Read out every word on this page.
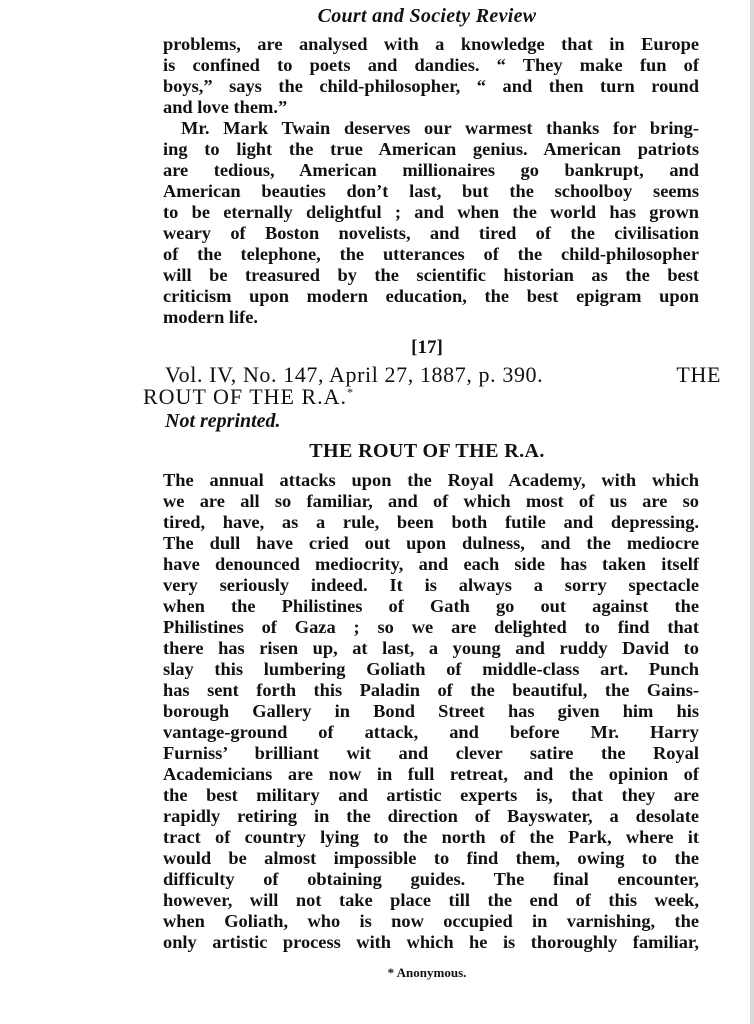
Court and Society Review
problems, are analysed with a knowledge that in Europe
is confined to poets and dandies. “ They make fun of
boys,” says the child-philosopher, “ and then turn round
and love them.”
Mr. Mark Twain deserves our warmest thanks for bring-
ing to light the true American genius. American patriots
are tedious, American millionaires go bankrupt, and
American beauties don’t last, but the schoolboy seems
to be eternally delightful ; and when the world has grown
weary of Boston novelists, and tired of the civilisation
of the telephone, the utterances of the child-philosopher
will be treasured by the scientific historian as the best
criticism upon modern education, the best epigram upon
modern life.
[17]
Vol. IV, No. 147, April 27, 1887, p. 390.	THE
ROUT OF THE R.A.*
Not reprinted.
THE ROUT OF THE R.A.
The annual attacks upon the Royal Academy, with which
we are all so familiar, and of which most of us are so
tired, have, as a rule, been both futile and depressing.
The dull have cried out upon dulness, and the mediocre
have denounced mediocrity, and each side has taken itself
very seriously indeed. It is always a sorry spectacle
when the Philistines of Gath go out against the
Philistines of Gaza ; so we are delighted to find that
there has risen up, at last, a young and ruddy David to
slay this lumbering Goliath of middle-class art. Punch
has sent forth this Paladin of the beautiful, the Gains-
borough Gallery in Bond Street has given him his
vantage-ground of attack, and before Mr. Harry
Furniss’ brilliant wit and clever satire the Royal
Academicians are now in full retreat, and the opinion of
the best military and artistic experts is, that they are
rapidly retiring in the direction of Bayswater, a desolate
tract of country lying to the north of the Park, where it
would be almost impossible to find them, owing to the
difficulty of obtaining guides. The final encounter,
however, will not take place till the end of this week,
when Goliath, who is now occupied in varnishing, the
only artistic process with which he is thoroughly familiar,
* Anonymous.
